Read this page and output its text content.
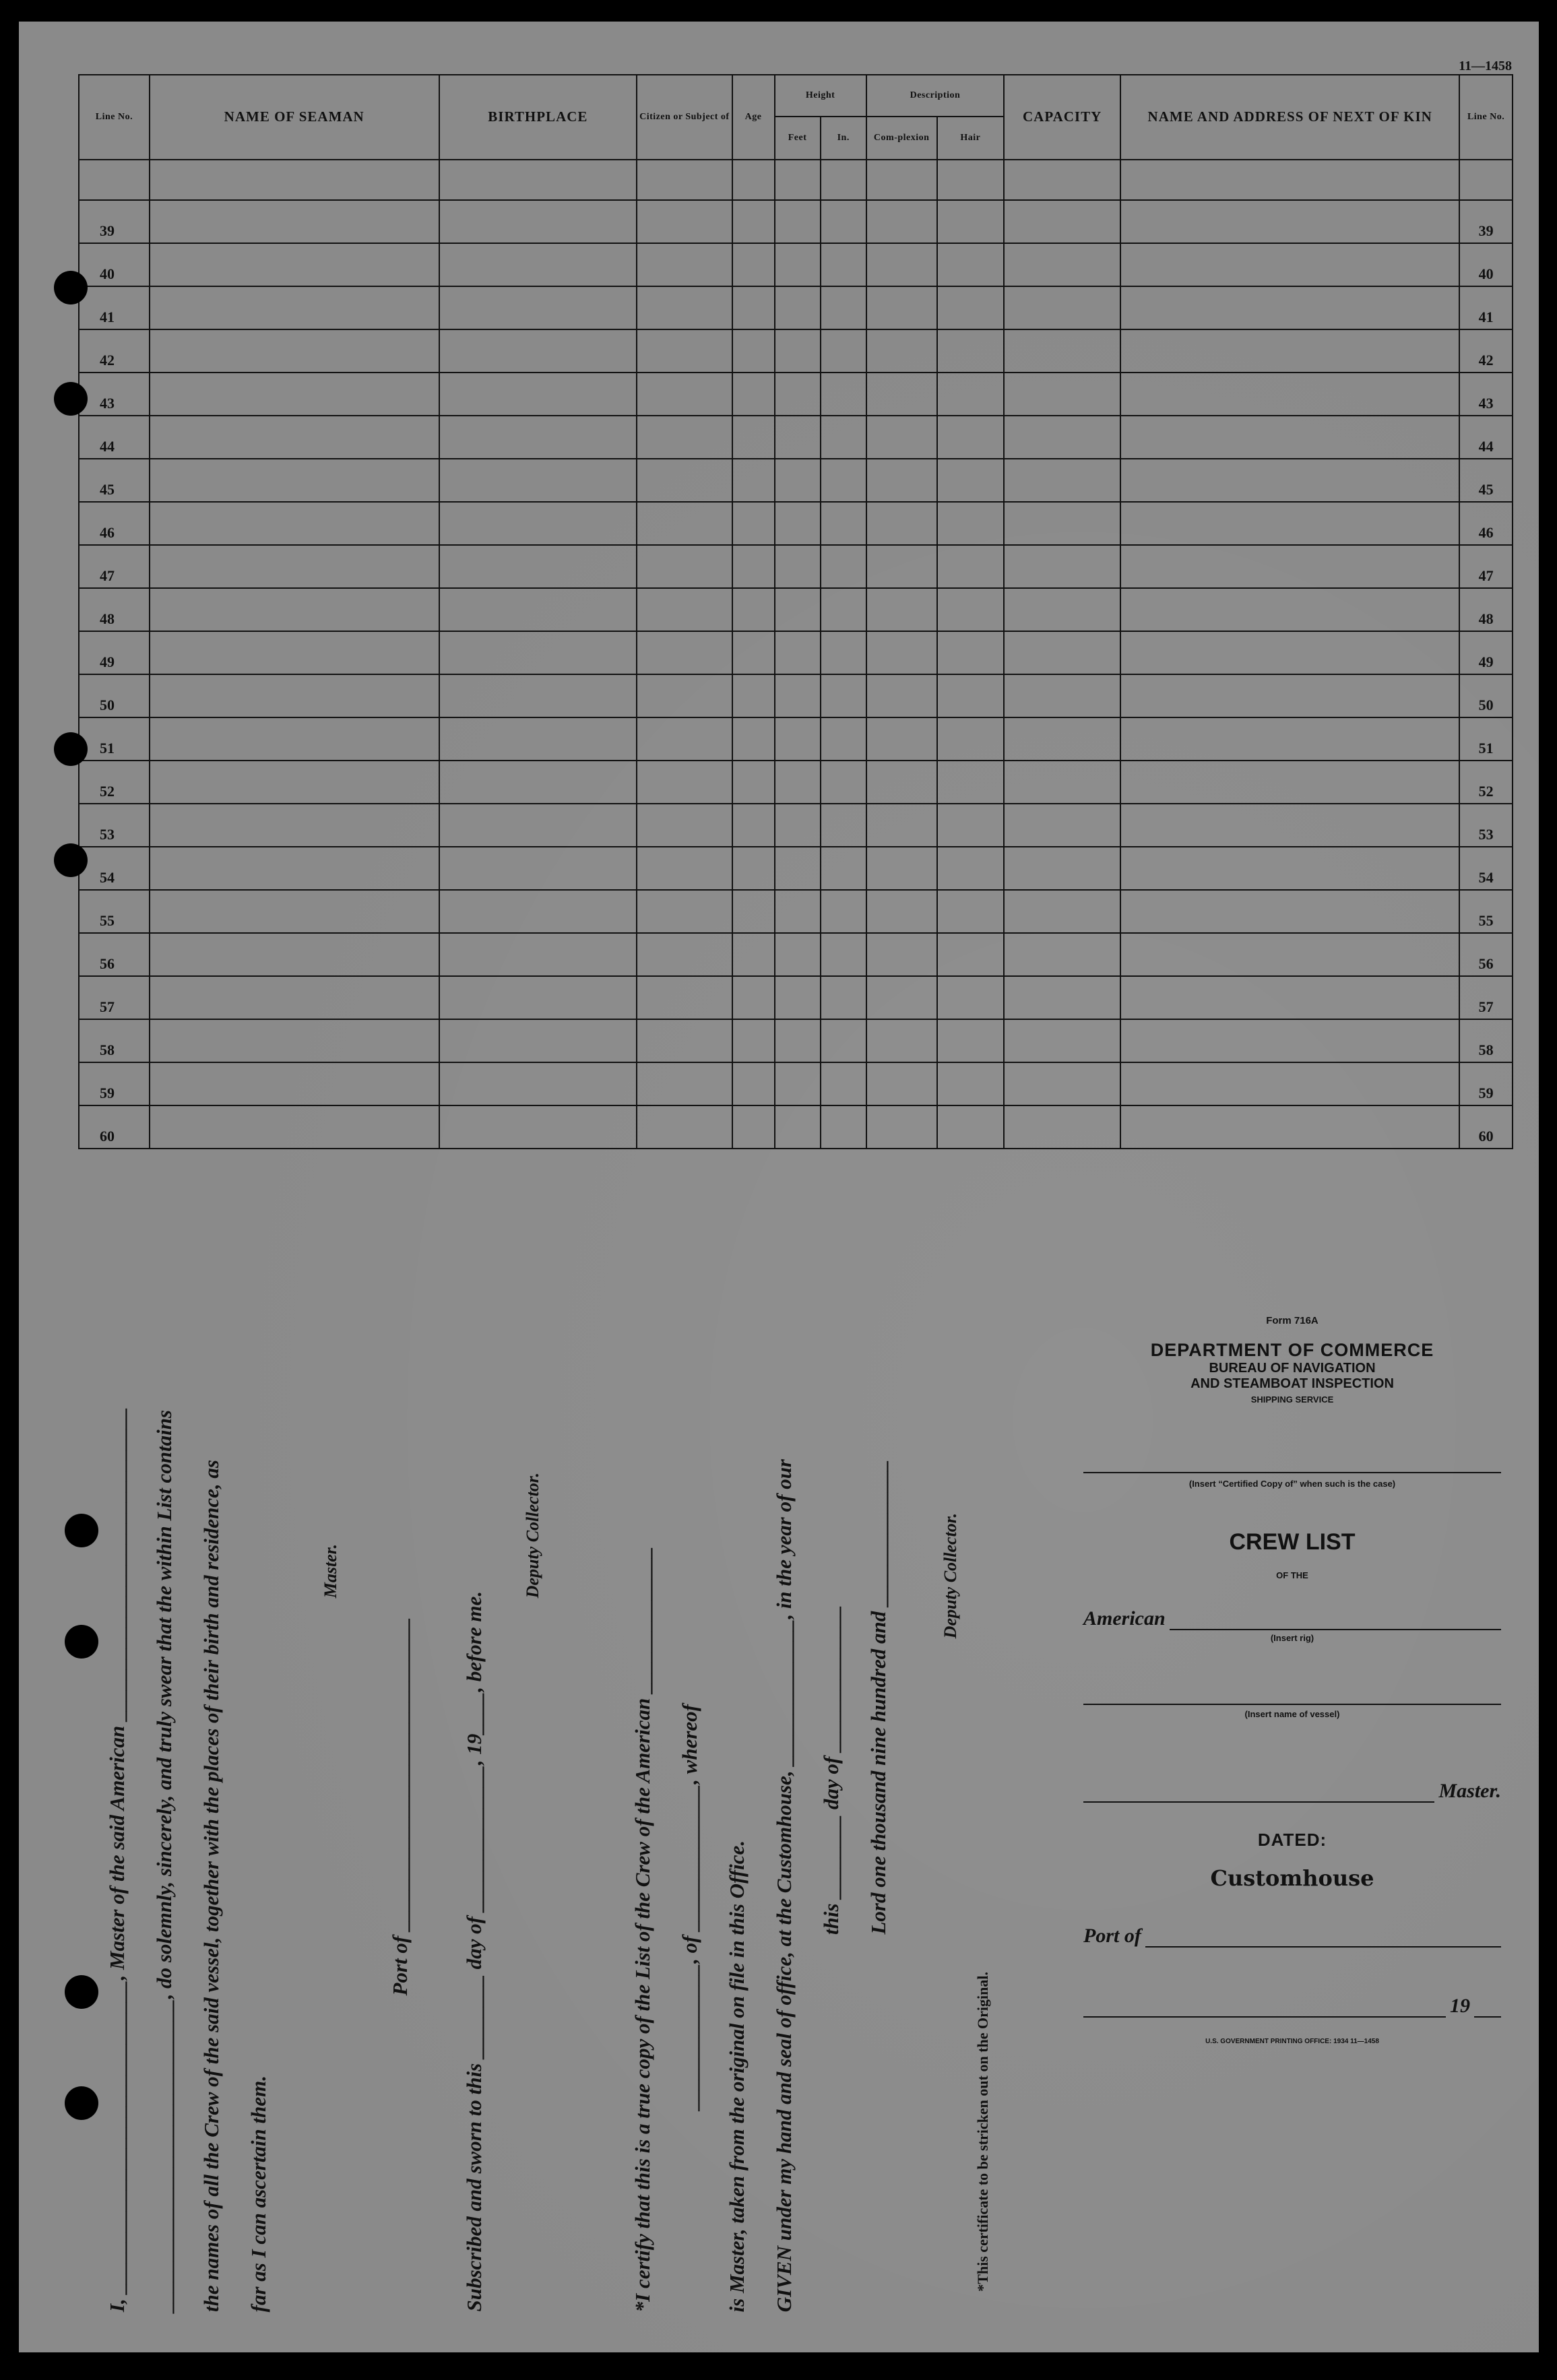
11—1458
Line No.	NAME OF SEAMAN	BIRTHPLACE	Citizen or Subject of	Age	Height		Description		CAPACITY	NAME AND ADDRESS OF NEXT OF KIN	Line No.
					Feet	In.	Com-plexion	Hair			

39											39
40											40
41											41
42											42
43											43
44											44
45											45
46											46
47											47
48											48
49											49
50											50
51											51
52											52
53											53
54											54
55											55
56											56
57											57
58											58
59											59
60											60
I, ______________________________, Master of the said American ______________________________ ______________________________, do solemnly, sincerely, and truly swear that the within List contains the names of all the Crew of the said vessel, together with the places of their birth and residence, as far as I can ascertain them.
Master.
Port of ______________________________ Subscribed and sworn to this ________ day of ______________, 19____, before me.
Deputy Collector.
*I certify that this is a true copy of the List of the Crew of the American ______________ ______________, of ______________, whereof is Master, taken from the original on file in this Office. GIVEN under my hand and seal of office, at the Customhouse, ______________, in the year of our this ________ day of ______________ Lord one thousand nine hundred and ______________	Deputy Collector.
*This certificate to be stricken out on the Original.
Form 716A
DEPARTMENT OF COMMERCE
BUREAU OF NAVIGATION
AND STEAMBOAT INSPECTION
SHIPPING SERVICE
(Insert “Certified Copy of” when such is the case)
CREW LIST
OF THE
American
(Insert rig)
(Insert name of vessel)
Master.
DATED:
Customhouse
Port of
19
U.S. GOVERNMENT PRINTING OFFICE: 1934 11—1458
